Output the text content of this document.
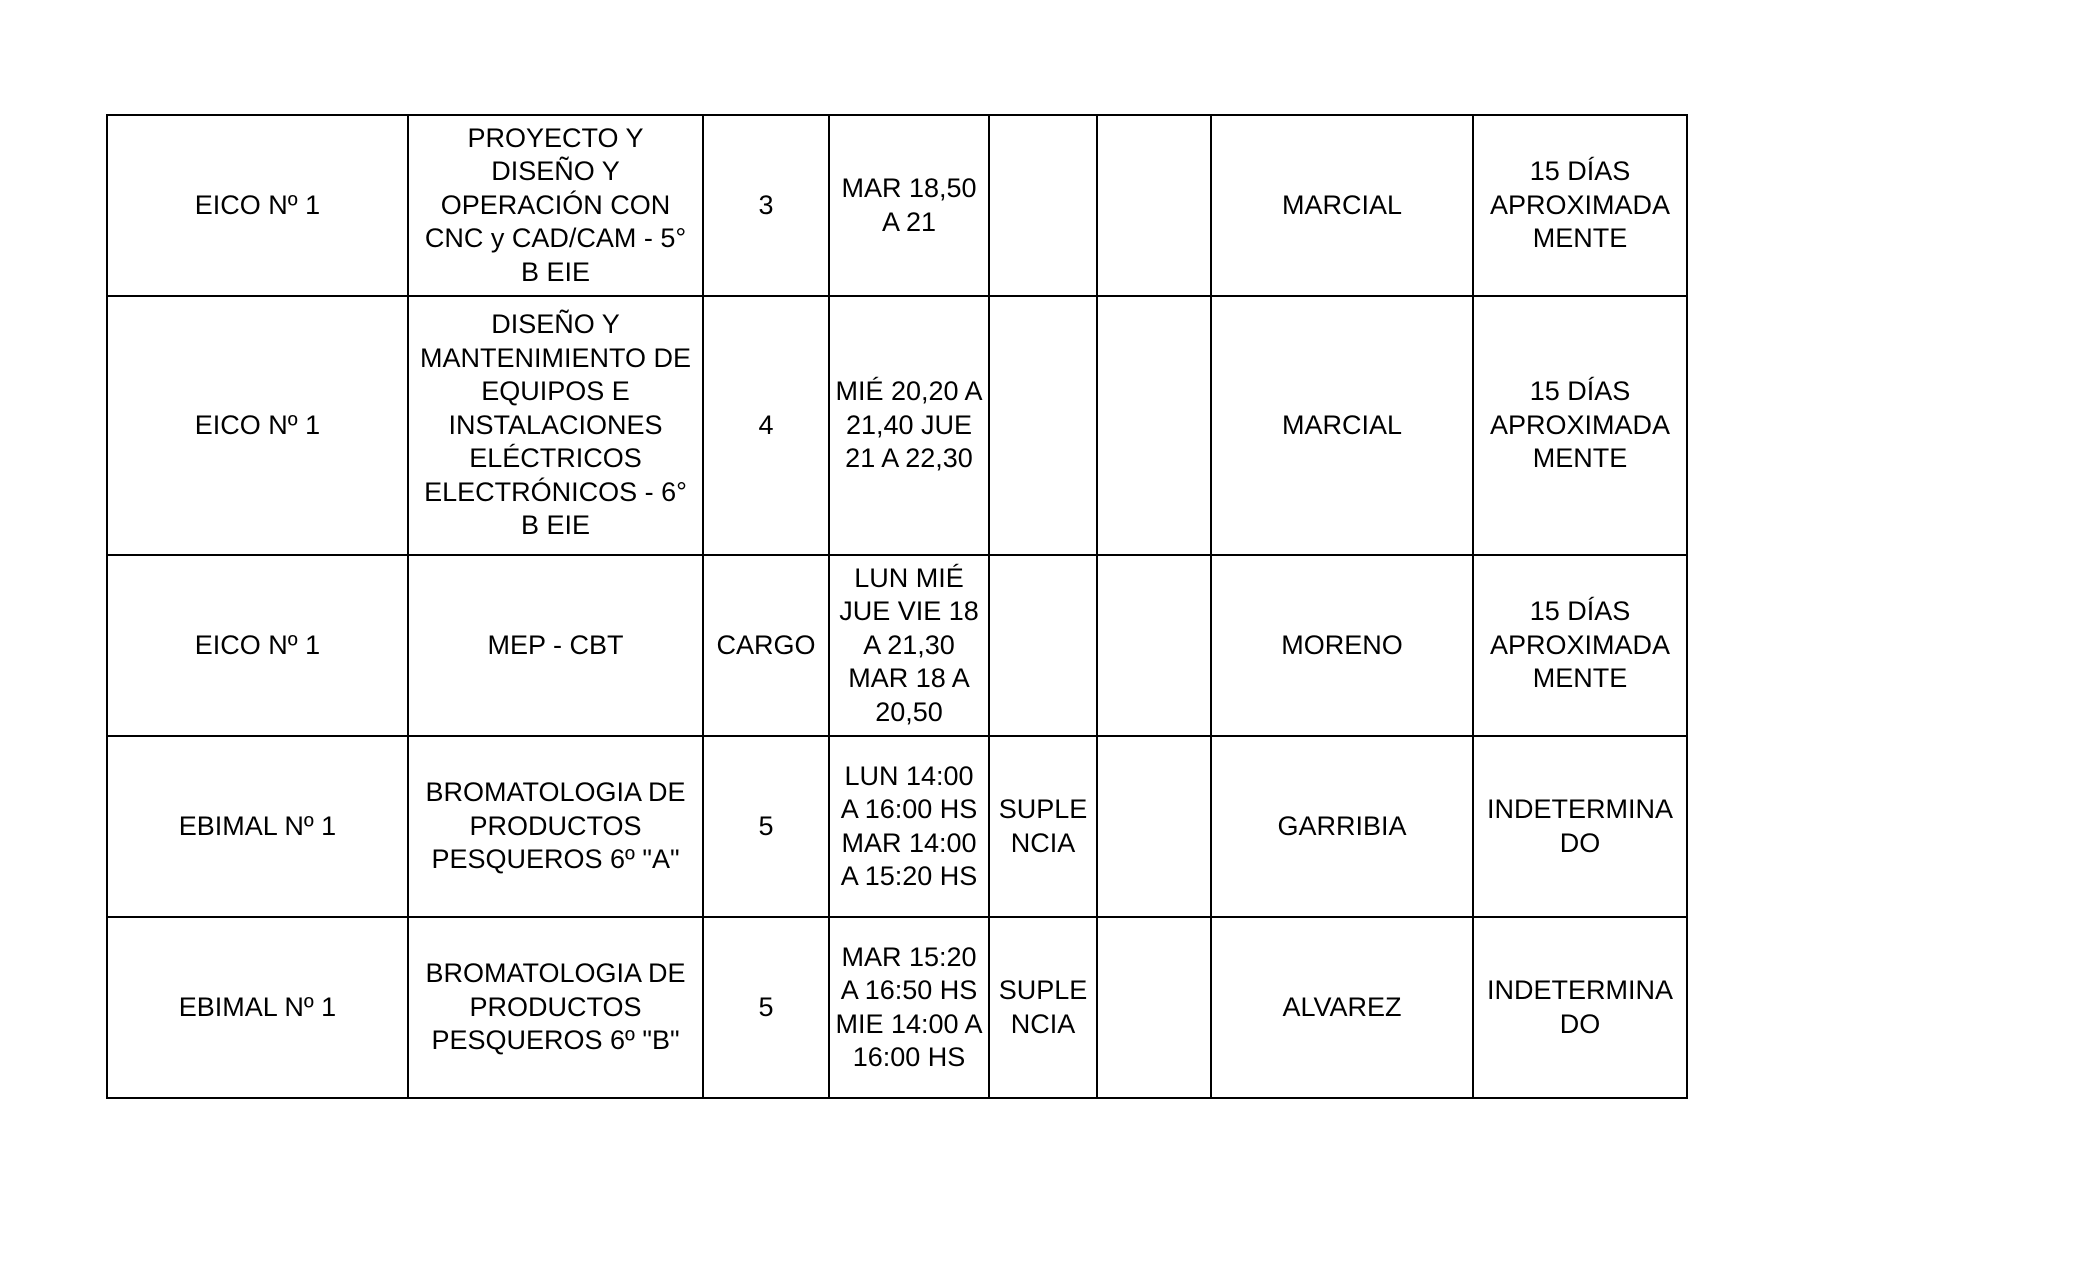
EICO Nº 1	PROYECTO Y DISEÑO Y OPERACIÓN CON CNC y CAD/CAM - 5° B EIE	3	MAR 18,50 A 21			MARCIAL	15 DÍAS APROXIMADA MENTE
EICO Nº 1	DISEÑO Y MANTENIMIENTO DE EQUIPOS E INSTALACIONES ELÉCTRICOS ELECTRÓNICOS - 6° B EIE	4	MIÉ 20,20 A 21,40 JUE 21 A 22,30			MARCIAL	15 DÍAS APROXIMADA MENTE
EICO Nº 1	MEP - CBT	CARGO	LUN MIÉ JUE VIE 18 A 21,30 MAR 18 A 20,50			MORENO	15 DÍAS APROXIMADA MENTE
EBIMAL Nº 1	BROMATOLOGIA DE PRODUCTOS PESQUEROS 6º "A"	5	LUN 14:00 A 16:00 HS MAR 14:00 A 15:20 HS	SUPLE NCIA		GARRIBIA	INDETERMINA DO
EBIMAL Nº 1	BROMATOLOGIA DE PRODUCTOS PESQUEROS 6º "B"	5	MAR 15:20 A 16:50 HS MIE 14:00 A 16:00 HS	SUPLE NCIA		ALVAREZ	INDETERMINA DO
